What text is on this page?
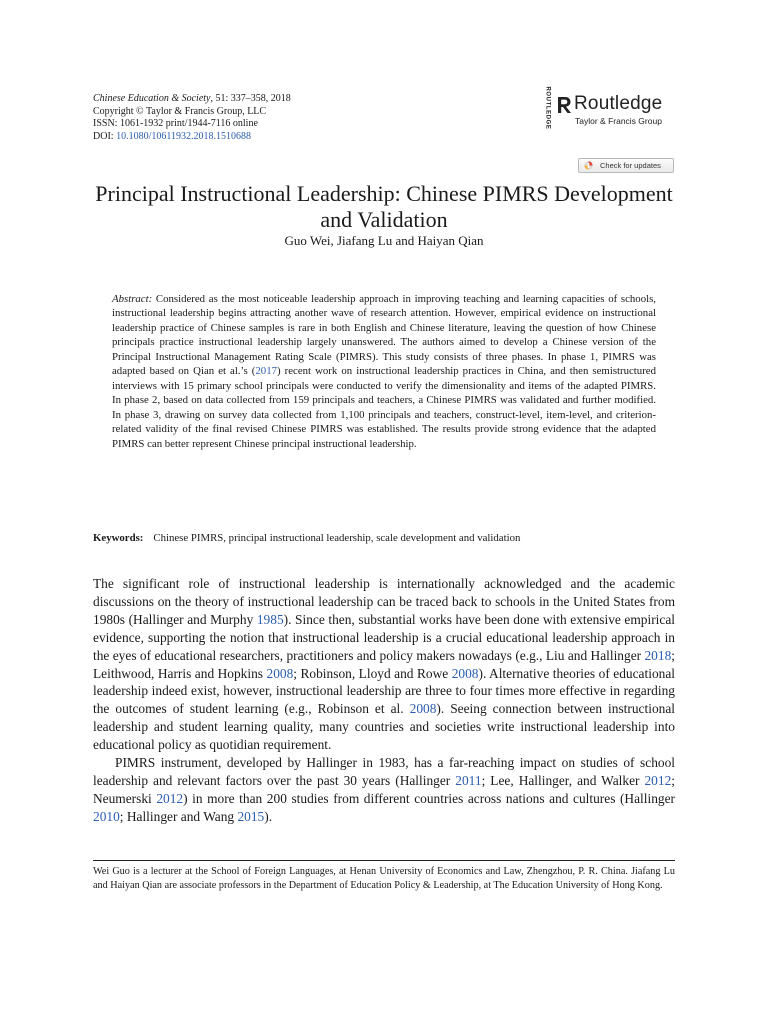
Chinese Education & Society, 51: 337–358, 2018
Copyright © Taylor & Francis Group, LLC
ISSN: 1061-1932 print/1944-7116 online
DOI: 10.1080/10611932.2018.1510688
ROUTLEDGE Routledge
Taylor & Francis Group
Check for updates
Principal Instructional Leadership: Chinese PIMRS Development and Validation
Guo Wei, Jiafang Lu and Haiyan Qian
Abstract: Considered as the most noticeable leadership approach in improving teaching and learning capacities of schools, instructional leadership begins attracting another wave of research attention. However, empirical evidence on instructional leadership practice of Chinese samples is rare in both English and Chinese literature, leaving the question of how Chinese principals practice instructional leadership largely unanswered. The authors aimed to develop a Chinese version of the Principal Instructional Management Rating Scale (PIMRS). This study consists of three phases. In phase 1, PIMRS was adapted based on Qian et al.’s (2017) recent work on instructional leadership practices in China, and then semistructured interviews with 15 primary school principals were conducted to verify the dimensionality and items of the adapted PIMRS. In phase 2, based on data collected from 159 principals and teachers, a Chinese PIMRS was validated and further modified. In phase 3, drawing on survey data collected from 1,100 principals and teachers, construct-level, item-level, and criterion-related validity of the final revised Chinese PIMRS was established. The results provide strong evidence that the adapted PIMRS can better represent Chinese principal instructional leadership.
Keywords: Chinese PIMRS, principal instructional leadership, scale development and validation

The significant role of instructional leadership is internationally acknowledged and the academic discussions on the theory of instructional leadership can be traced back to schools in the United States from 1980s (Hallinger and Murphy 1985). Since then, substantial works have been done with extensive empirical evidence, supporting the notion that instructional leadership is a crucial educational leadership approach in the eyes of educational researchers, practitioners and policy makers nowadays (e.g., Liu and Hallinger 2018; Leithwood, Harris and Hopkins 2008; Robinson, Lloyd and Rowe 2008). Alternative theories of educational leadership indeed exist, however, instructional leadership are three to four times more effective in regarding the outcomes of student learning (e.g., Robinson et al. 2008). Seeing connection between instructional leadership and student learning quality, many countries and societies write instructional leadership into educational policy as quotidian requirement.

PIMRS instrument, developed by Hallinger in 1983, has a far-reaching impact on studies of school leadership and relevant factors over the past 30 years (Hallinger 2011; Lee, Hallinger, and Walker 2012; Neumerski 2012) in more than 200 studies from different countries across nations and cultures (Hallinger 2010; Hallinger and Wang 2015).

Wei Guo is a lecturer at the School of Foreign Languages, at Henan University of Economics and Law, Zhengzhou, P. R. China. Jiafang Lu and Haiyan Qian are associate professors in the Department of Education Policy & Leadership, at The Education University of Hong Kong.
